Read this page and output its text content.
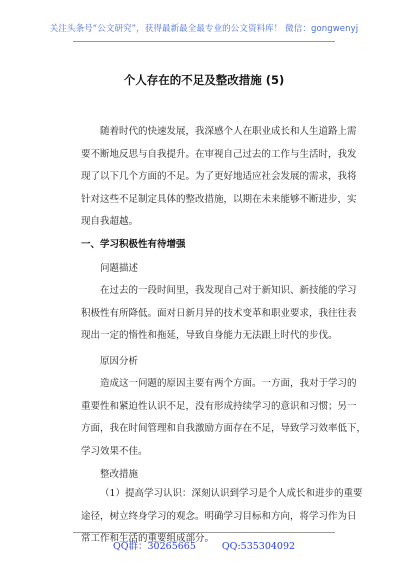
关注头条号“公文研究”，获得最新最全最专业的公文资料库！ 微信：gongwenyj
个人存在的不足及整改措施 (5)
随着时代的快速发展，我深感个人在职业成长和人生道路上需
要不断地反思与自我提升。在审视自己过去的工作与生活时，我发
现了以下几个方面的不足。为了更好地适应社会发展的需求，我将
针对这些不足制定具体的整改措施，以期在未来能够不断进步，实
现自我超越。
一、学习积极性有待增强
问题描述
在过去的一段时间里，我发现自己对于新知识、新技能的学习
积极性有所降低。面对日新月异的技术变革和职业要求，我往往表
现出一定的惰性和拖延，导致自身能力无法跟上时代的步伐。
原因分析
造成这一问题的原因主要有两个方面。一方面，我对于学习的
重要性和紧迫性认识不足，没有形成持续学习的意识和习惯；另一
方面，我在时间管理和自我激励方面存在不足，导致学习效率低下，
学习效果不佳。
整改措施
（1）提高学习认识：深刻认识到学习是个人成长和进步的重要
途径，树立终身学习的观念。明确学习目标和方向，将学习作为日
常工作和生活的重要组成部分。
QQ群：30265665	QQ:535304092
